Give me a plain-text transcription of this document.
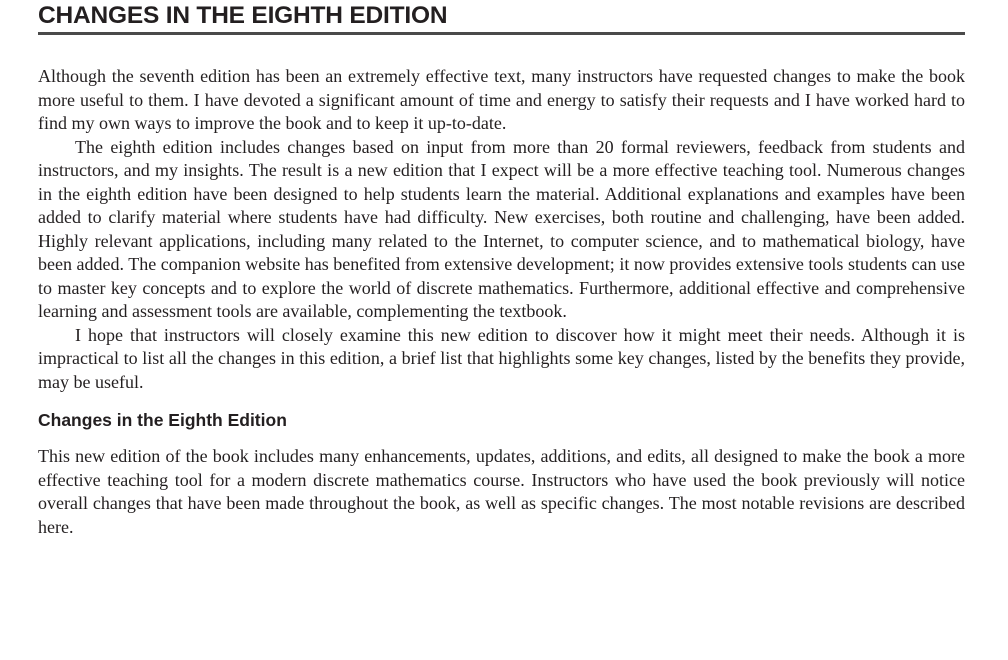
CHANGES IN THE EIGHTH EDITION

Although the seventh edition has been an extremely effective text, many instructors have requested changes to make the book more useful to them. I have devoted a significant amount of time and energy to satisfy their requests and I have worked hard to find my own ways to improve the book and to keep it up-to-date.

The eighth edition includes changes based on input from more than 20 formal reviewers, feedback from students and instructors, and my insights. The result is a new edition that I expect will be a more effective teaching tool. Numerous changes in the eighth edition have been designed to help students learn the material. Additional explanations and examples have been added to clarify material where students have had difficulty. New exercises, both routine and challenging, have been added. Highly relevant applications, including many related to the Internet, to computer science, and to mathematical biology, have been added. The companion website has benefited from extensive development; it now provides extensive tools students can use to master key concepts and to explore the world of discrete mathematics. Furthermore, additional effective and comprehensive learning and assessment tools are available, complementing the textbook.

I hope that instructors will closely examine this new edition to discover how it might meet their needs. Although it is impractical to list all the changes in this edition, a brief list that highlights some key changes, listed by the benefits they provide, may be useful.

Changes in the Eighth Edition

This new edition of the book includes many enhancements, updates, additions, and edits, all designed to make the book a more effective teaching tool for a modern discrete mathematics course. Instructors who have used the book previously will notice overall changes that have been made throughout the book, as well as specific changes. The most notable revisions are described here.
